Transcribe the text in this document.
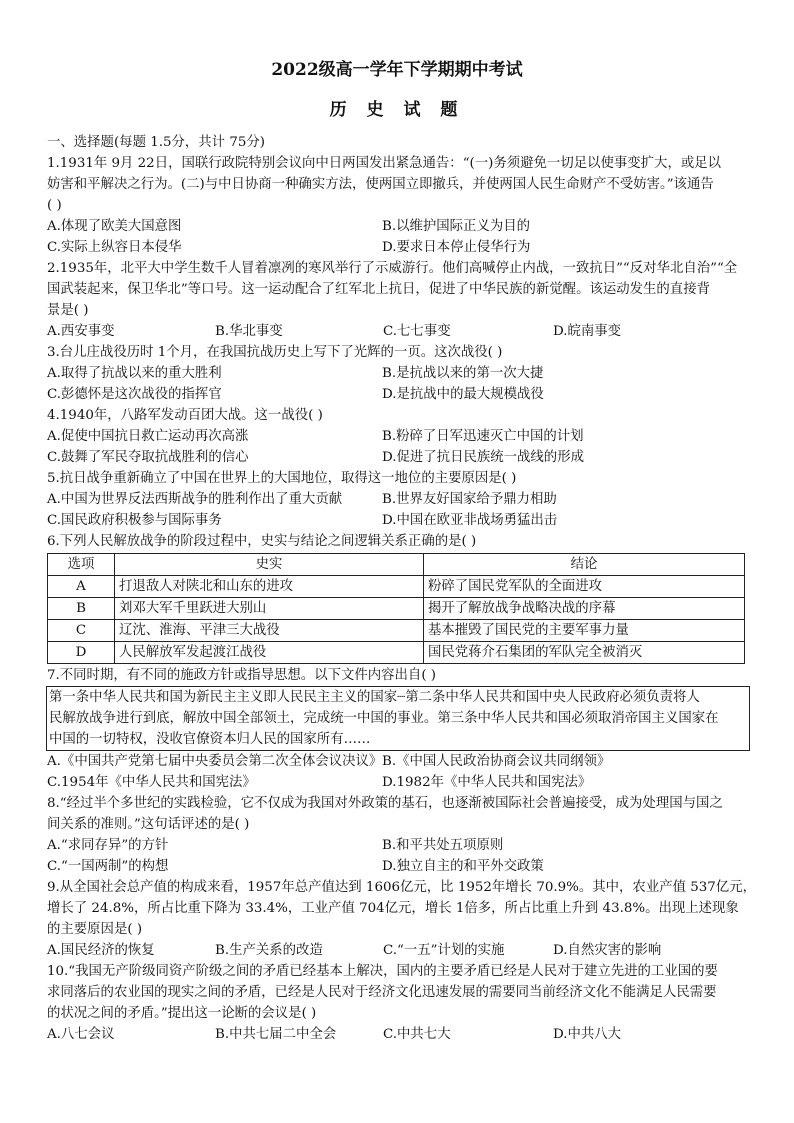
2022级高一学年下学期期中考试
历 史 试 题
一、选择题(每题 1.5分，共计 75分)
1.1931年 9月 22日，国联行政院特别会议向中日两国发出紧急通告：“(一)务须避免一切足以使事变扩大，或足以
妨害和平解决之行为。(二)与中日协商一种确实方法，使两国立即撤兵，并使两国人民生命财产不受妨害。”该通告
( )
A.体现了欧美大国意图	B.以维护国际正义为目的
C.实际上纵容日本侵华	D.要求日本停止侵华行为
2.1935年，北平大中学生数千人冒着凛冽的寒风举行了示威游行。他们高喊停止内战，一致抗日”“反对华北自治”“全
国武装起来，保卫华北”等口号。这一运动配合了红军北上抗日，促进了中华民族的新觉醒。该运动发生的直接背
景是( )
A.西安事变	B.华北事变	C.七七事变	D.皖南事变
3.台儿庄战役历时 1个月，在我国抗战历史上写下了光辉的一页。这次战役( )
A.取得了抗战以来的重大胜利	B.是抗战以来的第一次大捷
C.彭德怀是这次战役的指挥官	D.是抗战中的最大规模战役
4.1940年，八路军发动百团大战。这一战役( )
A.促使中国抗日救亡运动再次高涨	B.粉碎了日军迅速灭亡中国的计划
C.鼓舞了军民夺取抗战胜利的信心	D.促进了抗日民族统一战线的形成
5.抗日战争重新确立了中国在世界上的大国地位，取得这一地位的主要原因是( )
A.中国为世界反法西斯战争的胜利作出了重大贡献	B.世界友好国家给予鼎力相助
C.国民政府积极参与国际事务	D.中国在欧亚非战场勇猛出击
6.下列人民解放战争的阶段过程中，史实与结论之间逻辑关系正确的是( )
选项	史实	结论
A	打退敌人对陕北和山东的进攻	粉碎了国民党军队的全面进攻
B	刘邓大军千里跃进大别山	揭开了解放战争战略决战的序幕
C	辽沈、淮海、平津三大战役	基本摧毁了国民党的主要军事力量
D	人民解放军发起渡江战役	国民党蒋介石集团的军队完全被消灭
7.不同时期，有不同的施政方针或指导思想。以下文件内容出自( )
第一条中华人民共和国为新民主主义即人民民主主义的国家┈第二条中华人民共和国中央人民政府必须负责将人
民解放战争进行到底，解放中国全部领土，完成统一中国的事业。第三条中华人民共和国必须取消帝国主义国家在
中国的一切特权，没收官僚资本归人民的国家所有……
A.《中国共产党第七届中央委员会第二次全体会议决议》 B.《中国人民政治协商会议共同纲领》
C.1954年《中华人民共和国宪法》	D.1982年《中华人民共和国宪法》
8.“经过半个多世纪的实践检验，它不仅成为我国对外政策的基石，也逐渐被国际社会普遍接受，成为处理国与国之
间关系的准则。”这句话评述的是( )
A.“求同存异”的方针	B.和平共处五项原则
C.“一国两制”的构想	D.独立自主的和平外交政策
9.从全国社会总产值的构成来看，1957年总产值达到 1606亿元，比 1952年增长 70.9%。其中，农业产值 537亿元，
增长了 24.8%，所占比重下降为 33.4%，工业产值 704亿元，增长 1倍多，所占比重上升到 43.8%。出现上述现象
的主要原因是( )
A.国民经济的恢复	B.生产关系的改造	C.“一五”计划的实施	D.自然灾害的影响
10.“我国无产阶级同资产阶级之间的矛盾已经基本上解决，国内的主要矛盾已经是人民对于建立先进的工业国的要
求同落后的农业国的现实之间的矛盾，已经是人民对于经济文化迅速发展的需要同当前经济文化不能满足人民需要
的状况之间的矛盾。”提出这一论断的会议是( )
A.八七会议	B.中共七届二中全会	C.中共七大	D.中共八大
